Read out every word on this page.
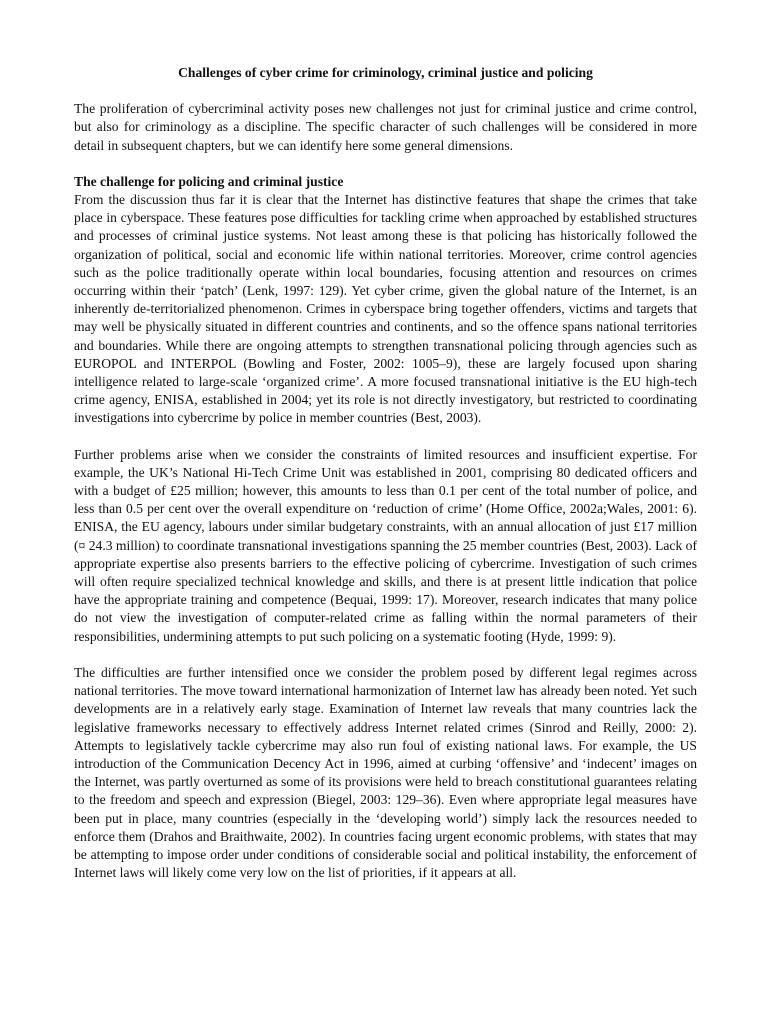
Challenges of cyber crime for criminology, criminal justice and policing

The proliferation of cybercriminal activity poses new challenges not just for criminal justice and crime control, but also for criminology as a discipline. The specific character of such challenges will be considered in more detail in subsequent chapters, but we can identify here some general dimensions.

The challenge for policing and criminal justice

From the discussion thus far it is clear that the Internet has distinctive features that shape the crimes that take place in cyberspace. These features pose difficulties for tackling crime when approached by established structures and processes of criminal justice systems. Not least among these is that policing has historically followed the organization of political, social and economic life within national territories. Moreover, crime control agencies such as the police traditionally operate within local boundaries, focusing attention and resources on crimes occurring within their ‘patch’ (Lenk, 1997: 129). Yet cyber crime, given the global nature of the Internet, is an inherently de-territorialized phenomenon. Crimes in cyberspace bring together offenders, victims and targets that may well be physically situated in different countries and continents, and so the offence spans national territories and boundaries. While there are ongoing attempts to strengthen transnational policing through agencies such as EUROPOL and INTERPOL (Bowling and Foster, 2002: 1005–9), these are largely focused upon sharing intelligence related to large-scale ‘organized crime’. A more focused transnational initiative is the EU high-tech crime agency, ENISA, established in 2004; yet its role is not directly investigatory, but restricted to coordinating investigations into cybercrime by police in member countries (Best, 2003).

Further problems arise when we consider the constraints of limited resources and insufficient expertise. For example, the UK’s National Hi-Tech Crime Unit was established in 2001, comprising 80 dedicated officers and with a budget of £25 million; however, this amounts to less than 0.1 per cent of the total number of police, and less than 0.5 per cent over the overall expenditure on ‘reduction of crime’ (Home Office, 2002a;Wales, 2001: 6). ENISA, the EU agency, labours under similar budgetary constraints, with an annual allocation of just £17 million (¤ 24.3 million) to coordinate transnational investigations spanning the 25 member countries (Best, 2003). Lack of appropriate expertise also presents barriers to the effective policing of cybercrime. Investigation of such crimes will often require specialized technical knowledge and skills, and there is at present little indication that police have the appropriate training and competence (Bequai, 1999: 17). Moreover, research indicates that many police do not view the investigation of computer-related crime as falling within the normal parameters of their responsibilities, undermining attempts to put such policing on a systematic footing (Hyde, 1999: 9).

The difficulties are further intensified once we consider the problem posed by different legal regimes across national territories. The move toward international harmonization of Internet law has already been noted. Yet such developments are in a relatively early stage. Examination of Internet law reveals that many countries lack the legislative frameworks necessary to effectively address Internet related crimes (Sinrod and Reilly, 2000: 2). Attempts to legislatively tackle cybercrime may also run foul of existing national laws. For example, the US introduction of the Communication Decency Act in 1996, aimed at curbing ‘offensive’ and ‘indecent’ images on the Internet, was partly overturned as some of its provisions were held to breach constitutional guarantees relating to the freedom and speech and expression (Biegel, 2003: 129–36). Even where appropriate legal measures have been put in place, many countries (especially in the ‘developing world’) simply lack the resources needed to enforce them (Drahos and Braithwaite, 2002). In countries facing urgent economic problems, with states that may be attempting to impose order under conditions of considerable social and political instability, the enforcement of Internet laws will likely come very low on the list of priorities, if it appears at all.
